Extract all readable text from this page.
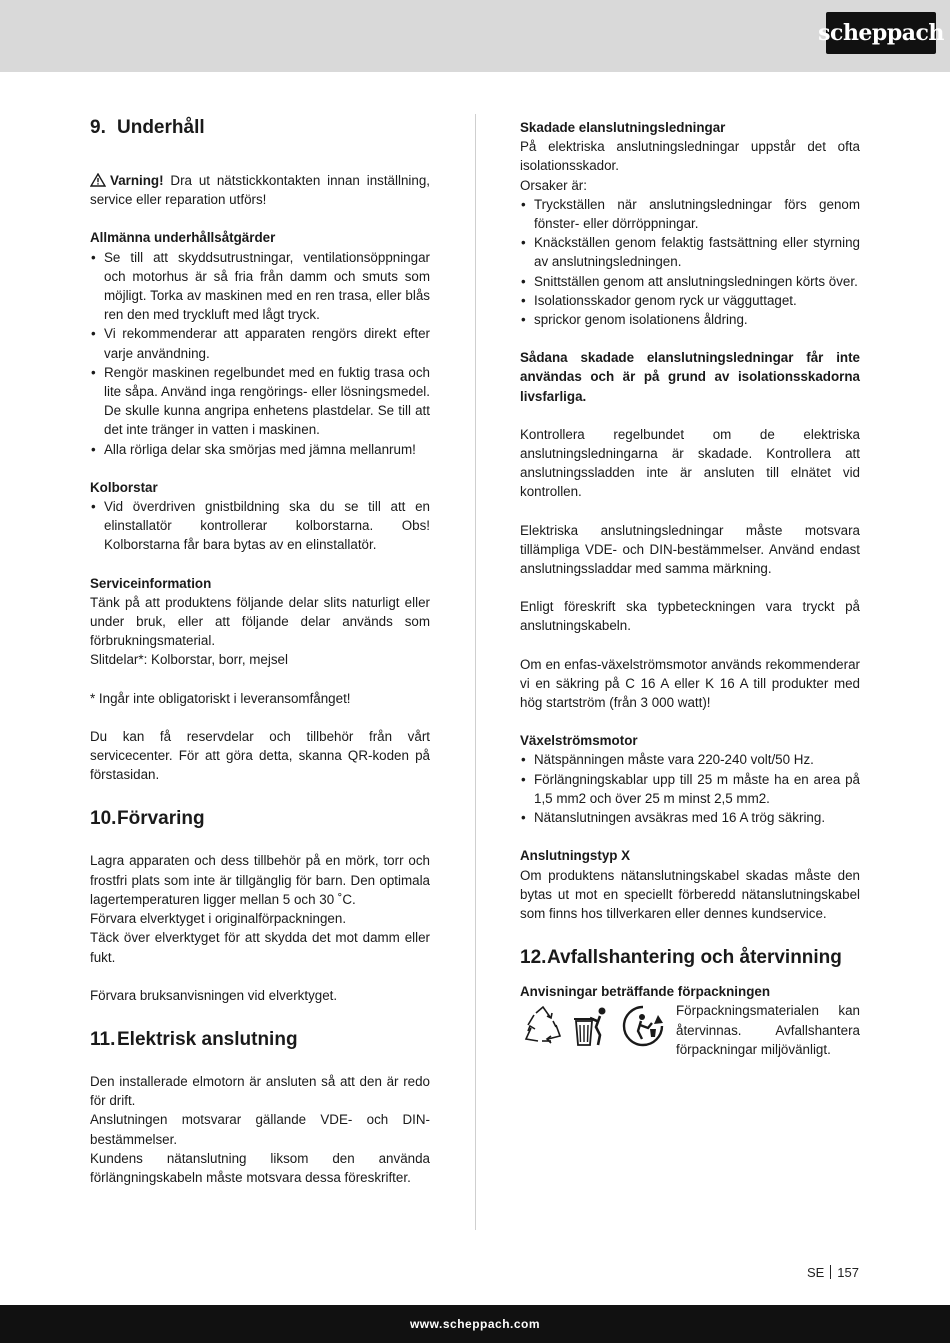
scheppach
9. Underhåll

Varning! Dra ut nätstickkontakten innan inställning, service eller reparation utförs!

Allmänna underhållsåtgärder
• Se till att skyddsutrustningar, ventilationsöppningar och motorhus är så fria från damm och smuts som möjligt. Torka av maskinen med en ren trasa, eller blås ren den med tryckluft med lågt tryck.
• Vi rekommenderar att apparaten rengörs direkt efter varje användning.
• Rengör maskinen regelbundet med en fuktig trasa och lite såpa. Använd inga rengörings- eller lösningsmedel. De skulle kunna angripa enhetens plastdelar. Se till att det inte tränger in vatten i maskinen.
• Alla rörliga delar ska smörjas med jämna mellanrum!
Kolborstar
• Vid överdriven gnistbildning ska du se till att en elinstallatör kontrollerar kolborstarna. Obs! Kolborstarna får bara bytas av en elinstallatör.
Serviceinformation

Tänk på att produktens följande delar slits naturligt eller under bruk, eller att följande delar används som förbrukningsmaterial.

Slitdelar*: Kolborstar, borr, mejsel

* Ingår inte obligatoriskt i leveransomfånget!

Du kan få reservdelar och tillbehör från vårt servicecenter. För att göra detta, skanna QR-koden på förstasidan.

10.Förvaring

Lagra apparaten och dess tillbehör på en mörk, torr och frostfri plats som inte är tillgänglig för barn. Den optimala lagertemperaturen ligger mellan 5 och 30 ˚C.

Förvara elverktyget i originalförpackningen.

Täck över elverktyget för att skydda det mot damm eller fukt.

Förvara bruksanvisningen vid elverktyget.

11.Elektrisk anslutning

Den installerade elmotorn är ansluten så att den är redo för drift.

Anslutningen motsvarar gällande VDE- och DIN-bestämmelser.

Kundens nätanslutning liksom den använda förlängningskabeln måste motsvara dessa föreskrifter.

Skadade elanslutningsledningar

På elektriska anslutningsledningar uppstår det ofta isolationsskador.

Orsaker är:

• Tryckställen när anslutningsledningar förs genom fönster- eller dörröppningar.
• Knäckställen genom felaktig fastsättning eller styrning av anslutningsledningen.
• Snittställen genom att anslutningsledningen körts över.
• Isolationsskador genom ryck ur vägguttaget.
• sprickor genom isolationens åldring.

Sådana skadade elanslutningsledningar får inte användas och är på grund av isolationsskadorna livsfarliga.

Kontrollera regelbundet om de elektriska anslutningsledningarna är skadade. Kontrollera att anslutningssladden inte är ansluten till elnätet vid kontrollen.

Elektriska anslutningsledningar måste motsvara tillämpliga VDE- och DIN-bestämmelser. Använd endast anslutningssladdar med samma märkning.

Enligt föreskrift ska typbeteckningen vara tryckt på anslutningskabeln.

Om en enfas-växelströmsmotor används rekommenderar vi en säkring på C 16 A eller K 16 A till produkter med hög startström (från 3 000 watt)!

Växelströmsmotor
• Nätspänningen måste vara 220-240 volt/50 Hz.
• Förlängningskablar upp till 25 m måste ha en area på 1,5 mm2 och över 25 m minst 2,5 mm2.
• Nätanslutningen avsäkras med 16 A trög säkring.
Anslutningstyp X

Om produktens nätanslutningskabel skadas måste den bytas ut mot en speciellt förberedd nätanslutningskabel som finns hos tillverkaren eller dennes kundservice.

12.Avfallshantering och återvinning
Anvisningar beträffande förpackningen

Förpackningsmaterialen kan återvinnas. Avfallshantera förpackningar miljövänligt.

SE 157
www.scheppach.com
